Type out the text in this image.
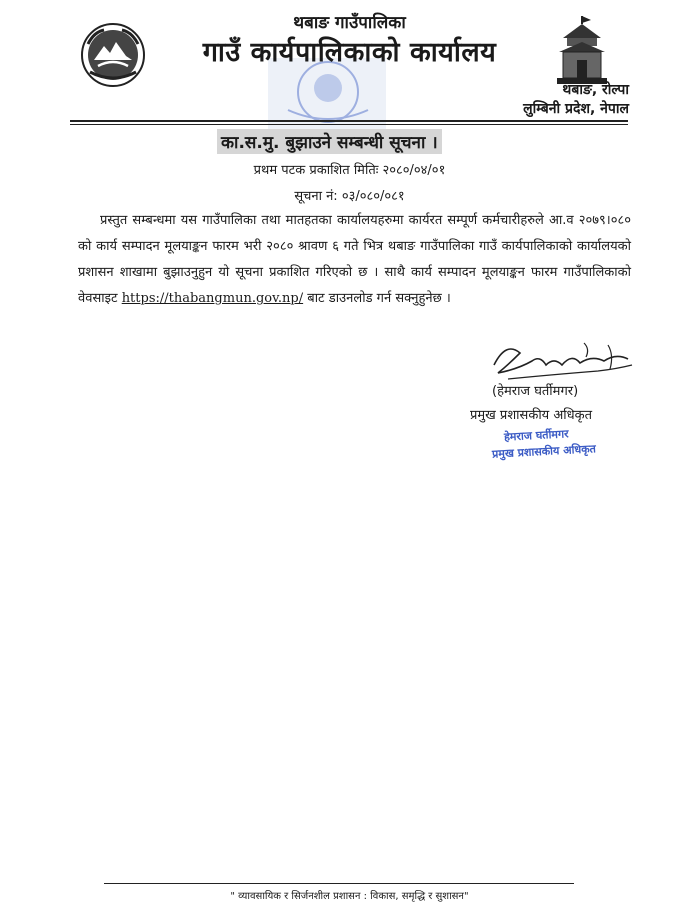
थबाङ गाउँपालिका
गाउँ कार्यपालिकाको कार्यालय
थबाङ, रोल्पा
लुम्बिनी प्रदेश, नेपाल
का.स.मु. बुझाउने सम्बन्धी सूचना ।
प्रथम पटक प्रकाशित मितिः २०८०/०४/०१
सूचना नं: ०३/०८०/०८१
प्रस्तुत सम्बन्धमा यस गाउँपालिका तथा मातहतका कार्यालयहरुमा कार्यरत सम्पूर्ण कर्मचारीहरुले आ.व २०७९।०८० को कार्य सम्पादन मूलयाङ्कन फारम भरी २०८० श्रावण ६ गते भित्र थबाङ गाउँपालिका गाउँ कार्यपालिकाको कार्यालयको प्रशासन शाखामा बुझाउनुहुन यो सूचना प्रकाशित गरिएको छ । साथै कार्य सम्पादन मूलयाङ्कन फारम गाउँपालिकाको वेवसाइट https://thabangmun.gov.np/ बाट डाउनलोड गर्न सक्नुहुनेछ ।
(हेमराज घर्तीमगर)
प्रमुख प्रशासकीय अधिकृत
हेमराज घर्तीमगर
प्रमुख प्रशासकीय अधिकृत
" व्यावसायिक र सिर्जनशील प्रशासन : विकास, समृद्धि र सुशासन"
